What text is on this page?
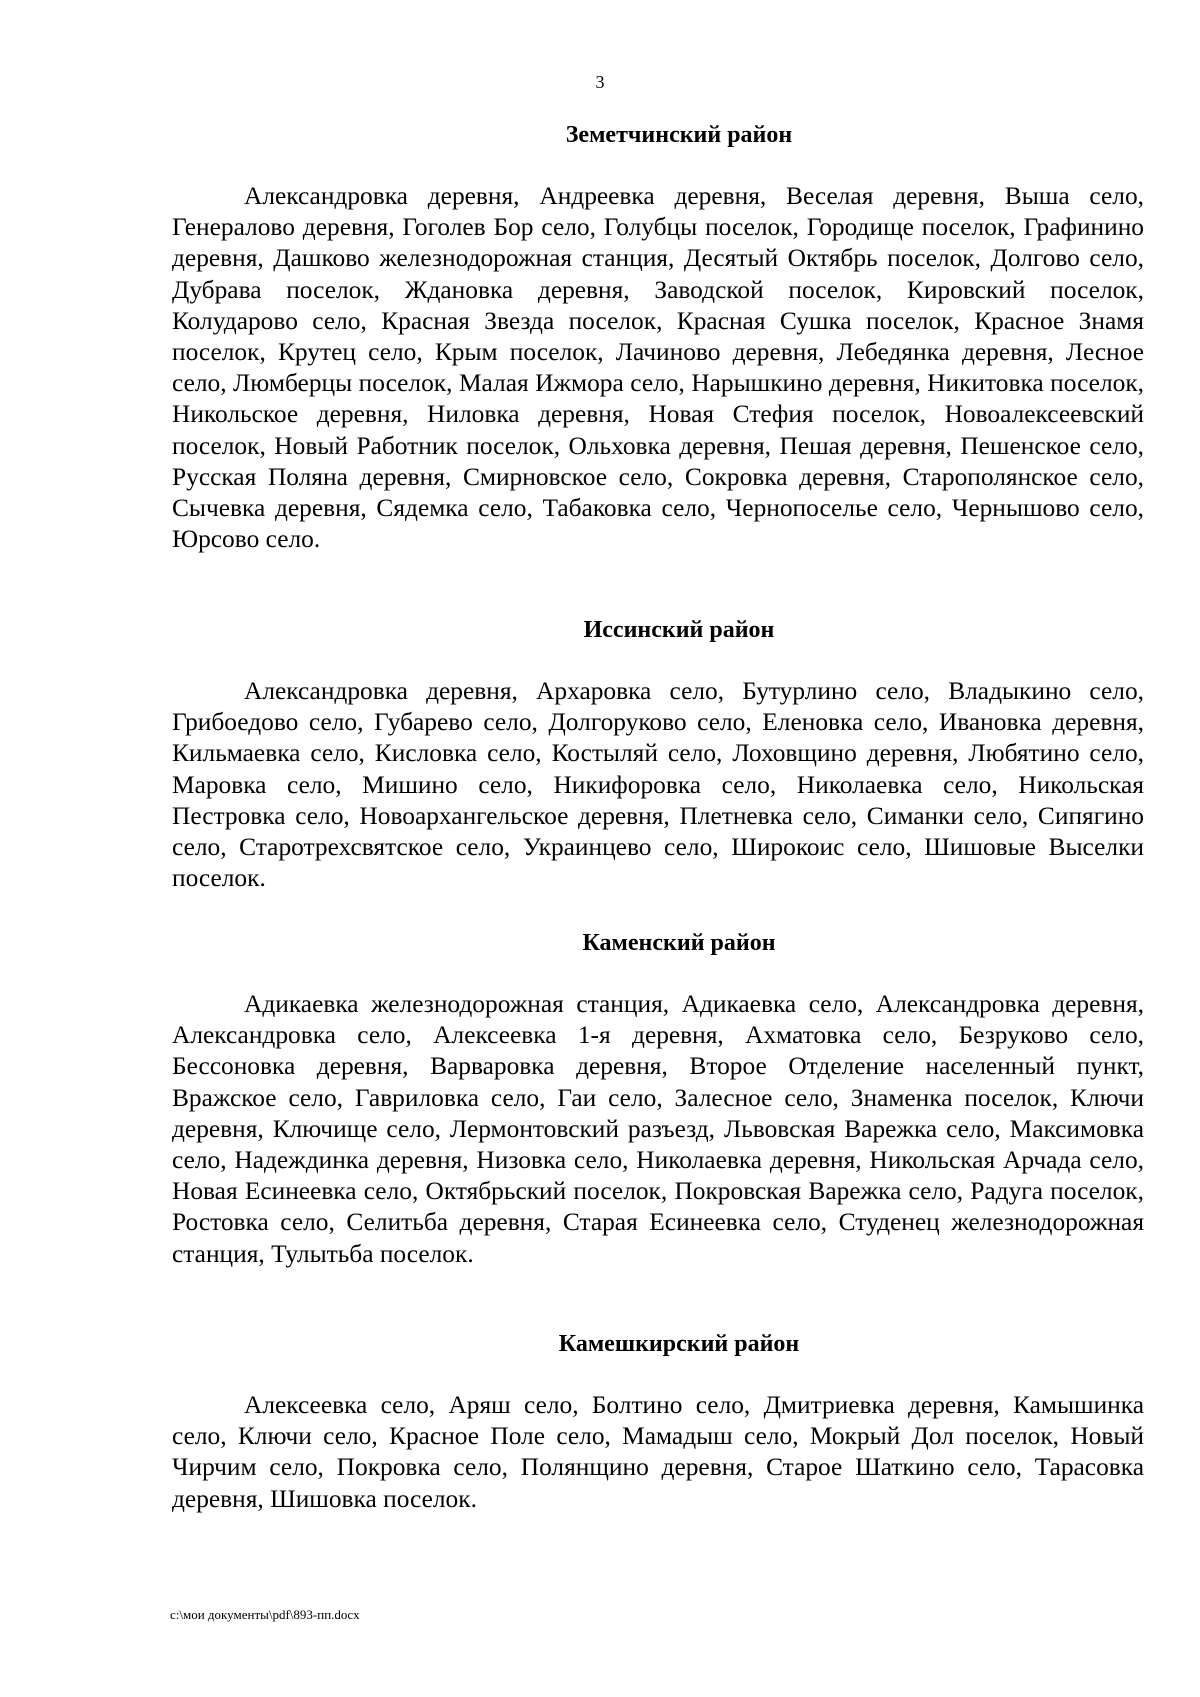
3
Земетчинский район

Александровка деревня, Андреевка деревня, Веселая деревня, Выша село, Генералово деревня, Гоголев Бор село, Голубцы поселок, Городище поселок, Графинино деревня, Дашково железнодорожная станция, Десятый Октябрь поселок, Долгово село, Дубрава поселок, Ждановка деревня, Заводской поселок, Кировский поселок, Колударово село, Красная Звезда поселок, Красная Сушка поселок, Красное Знамя поселок, Крутец село, Крым поселок, Лачиново деревня, Лебедянка деревня, Лесное село, Люмберцы поселок, Малая Ижмора село, Нарышкино деревня, Никитовка поселок, Никольское деревня, Ниловка деревня, Новая Стефия поселок, Новоалексеевский поселок, Новый Работник поселок, Ольховка деревня, Пешая деревня, Пешенское село, Русская Поляна деревня, Смирновское село, Сокровка деревня, Старополянское село, Сычевка деревня, Сядемка село, Табаковка село, Чернопоселье село, Чернышово село, Юрсово село.

Иссинский район

Александровка деревня, Архаровка село, Бутурлино село, Владыкино село, Грибоедово село, Губарево село, Долгоруково село, Еленовка село, Ивановка деревня, Кильмаевка село, Кисловка село, Костыляй село, Лоховщино деревня, Любятино село, Маровка село, Мишино село, Никифоровка село, Николаевка село, Никольская Пестровка село, Новоархангельское деревня, Плетневка село, Симанки село, Сипягино село, Старотрехсвятское село, Украинцево село, Широкоис село, Шишовые Выселки поселок.

Каменский район

Адикаевка железнодорожная станция, Адикаевка село, Александровка деревня, Александровка село, Алексеевка 1-я деревня, Ахматовка село, Безруково село, Бессоновка деревня, Варваровка деревня, Второе Отделение населенный пункт, Вражское село, Гавриловка село, Гаи село, Залесное село, Знаменка поселок, Ключи деревня, Ключище село, Лермонтовский разъезд, Львовская Варежка село, Максимовка село, Надеждинка деревня, Низовка село, Николаевка деревня, Никольская Арчада село, Новая Есинеевка село, Октябрьский поселок, Покровская Варежка село, Радуга поселок, Ростовка село, Селитьба деревня, Старая Есинеевка село, Студенец железнодорожная станция, Тулытьба поселок.

Камешкирский район

Алексеевка село, Аряш село, Болтино село, Дмитриевка деревня, Камышинка село, Ключи село, Красное Поле село, Мамадыш село, Мокрый Дол поселок, Новый Чирчим село, Покровка село, Полянщино деревня, Старое Шаткино село, Тарасовка деревня, Шишовка поселок.

c:\мои документы\pdf\893-пп.docx
